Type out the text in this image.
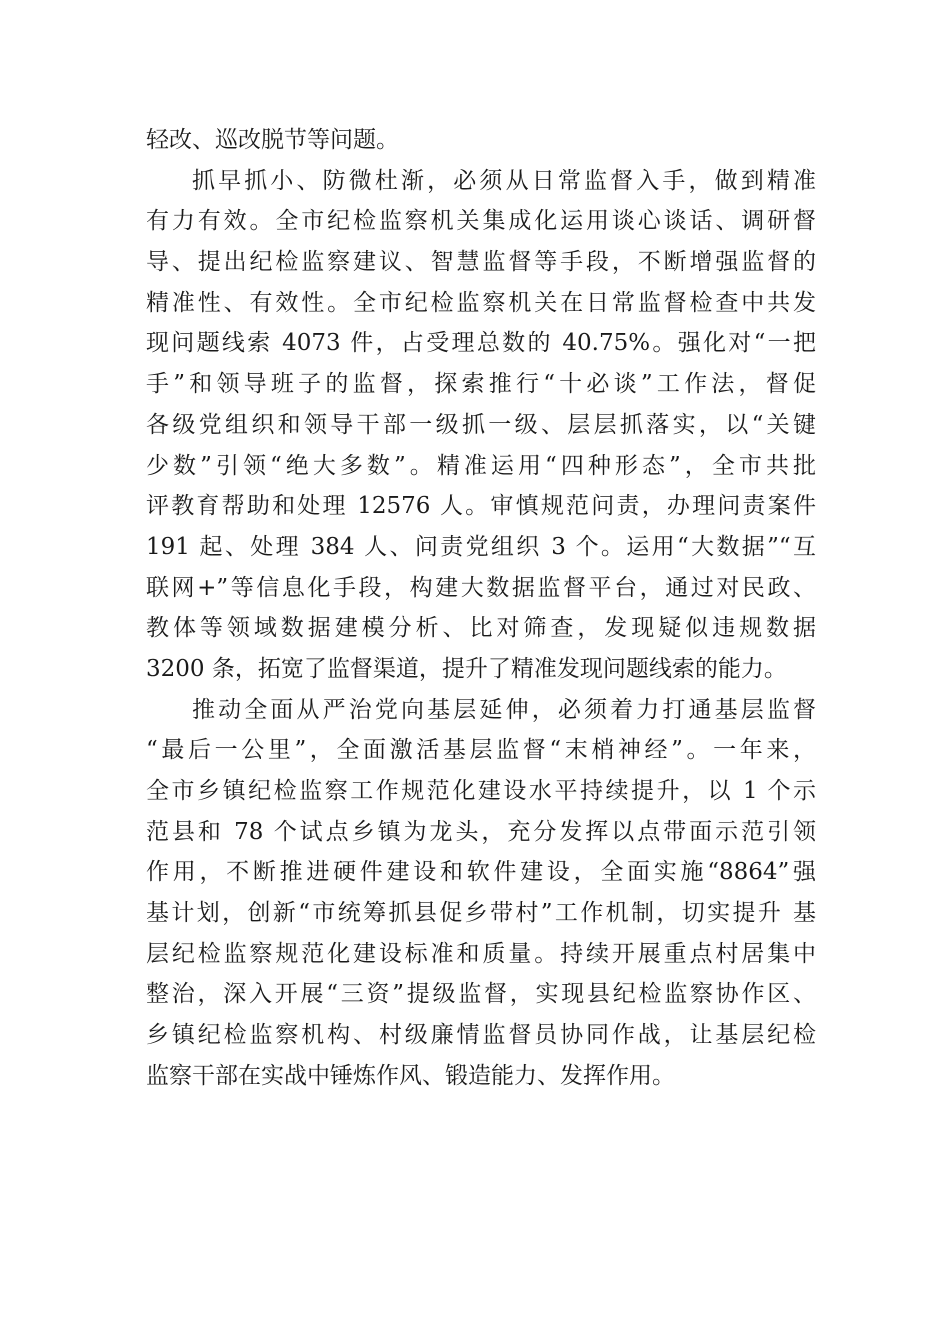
轻改、巡改脱节等问题。
抓早抓小、防微杜渐，必须从日常监督入手，做到精准
有力有效。全市纪检监察机关集成化运用谈心谈话、调研督
导、提出纪检监察建议、智慧监督等手段，不断增强监督的
精准性、有效性。全市纪检监察机关在日常监督检查中共发
现问题线索 4073 件，占受理总数的 40.75%。强化对“一把
手”和领导班子的监督，探索推行“十必谈”工作法，督促
各级党组织和领导干部一级抓一级、层层抓落实，以“关键
少数”引领“绝大多数”。精准运用“四种形态”，全市共批
评教育帮助和处理 12576 人。审慎规范问责，办理问责案件
191 起、处理 384 人、问责党组织 3 个。运用“大数据”“互
联网+”等信息化手段，构建大数据监督平台，通过对民政、
教体等领域数据建模分析、比对筛查，发现疑似违规数据
3200 条，拓宽了监督渠道，提升了精准发现问题线索的能力。
推动全面从严治党向基层延伸，必须着力打通基层监督
“最后一公里”，全面激活基层监督“末梢神经”。一年来，
全市乡镇纪检监察工作规范化建设水平持续提升，以 1 个示
范县和 78 个试点乡镇为龙头，充分发挥以点带面示范引领
作用，不断推进硬件建设和软件建设，全面实施“8864”强
基计划，创新“市统筹抓县促乡带村”工作机制，切实提升 基
层纪检监察规范化建设标准和质量。持续开展重点村居集中
整治，深入开展“三资”提级监督，实现县纪检监察协作区、
乡镇纪检监察机构、村级廉情监督员协同作战，让基层纪检
监察干部在实战中锤炼作风、锻造能力、发挥作用。
